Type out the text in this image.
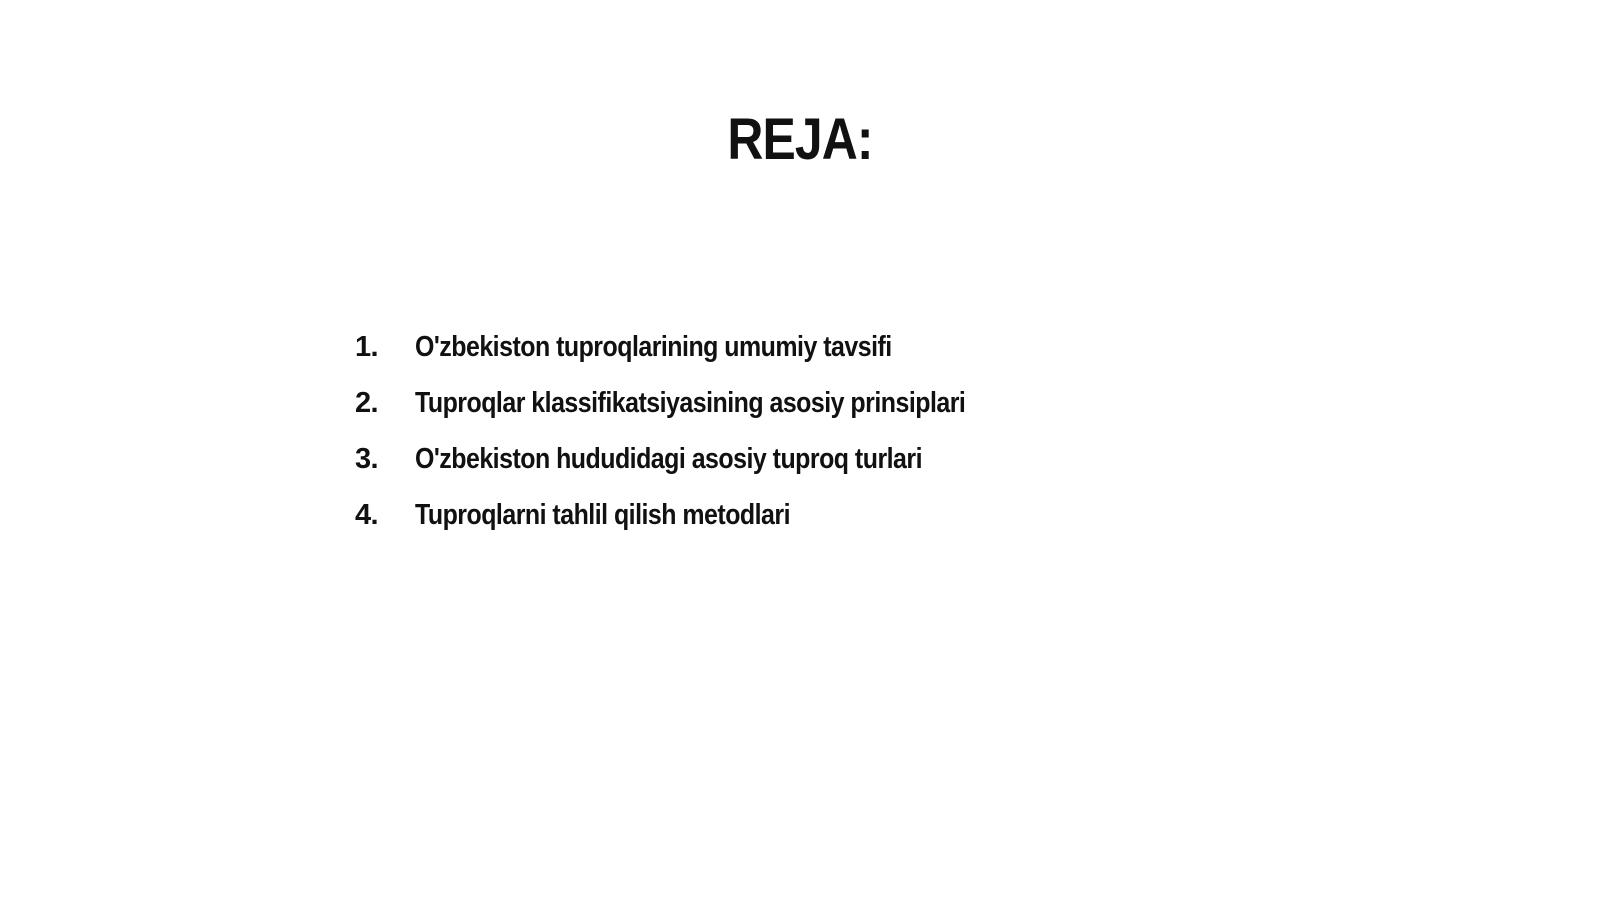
REJA:
1.	O'zbekiston tuproqlarining umumiy tavsifi
2.	Tuproqlar klassifikatsiyasining asosiy prinsiplari
3.	O'zbekiston hududidagi asosiy tuproq turlari
4.	Tuproqlarni tahlil qilish metodlari
